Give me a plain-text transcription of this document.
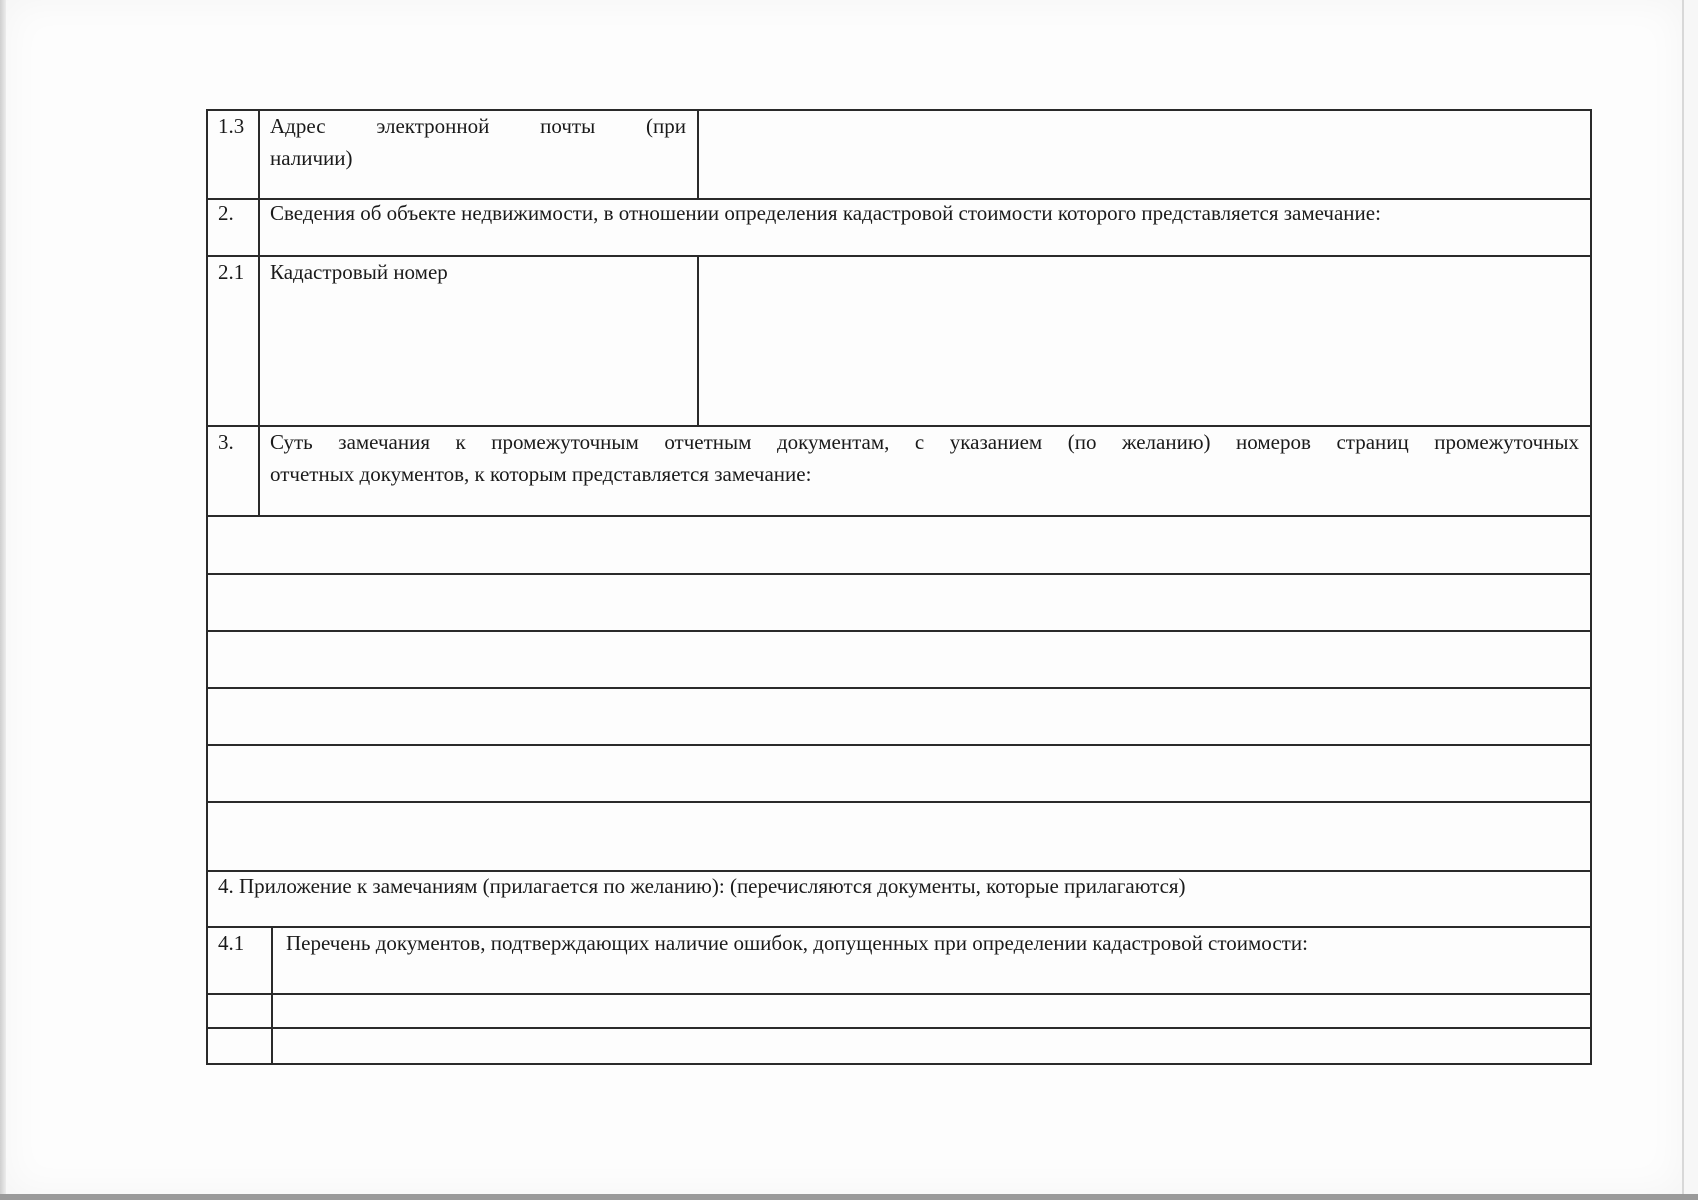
1.3 Адрес электронной почты (при
наличии)
2. Сведения об объекте недвижимости, в отношении определения кадастровой стоимости которого представляется замечание:
2.1 Кадастровый номер
3. Суть замечания к промежуточным отчетным документам, с указанием (по желанию) номеров страниц промежуточных
отчетных документов, к которым представляется замечание:
4. Приложение к замечаниям (прилагается по желанию): (перечисляются документы, которые прилагаются)
4.1 Перечень документов, подтверждающих наличие ошибок, допущенных при определении кадастровой стоимости:
